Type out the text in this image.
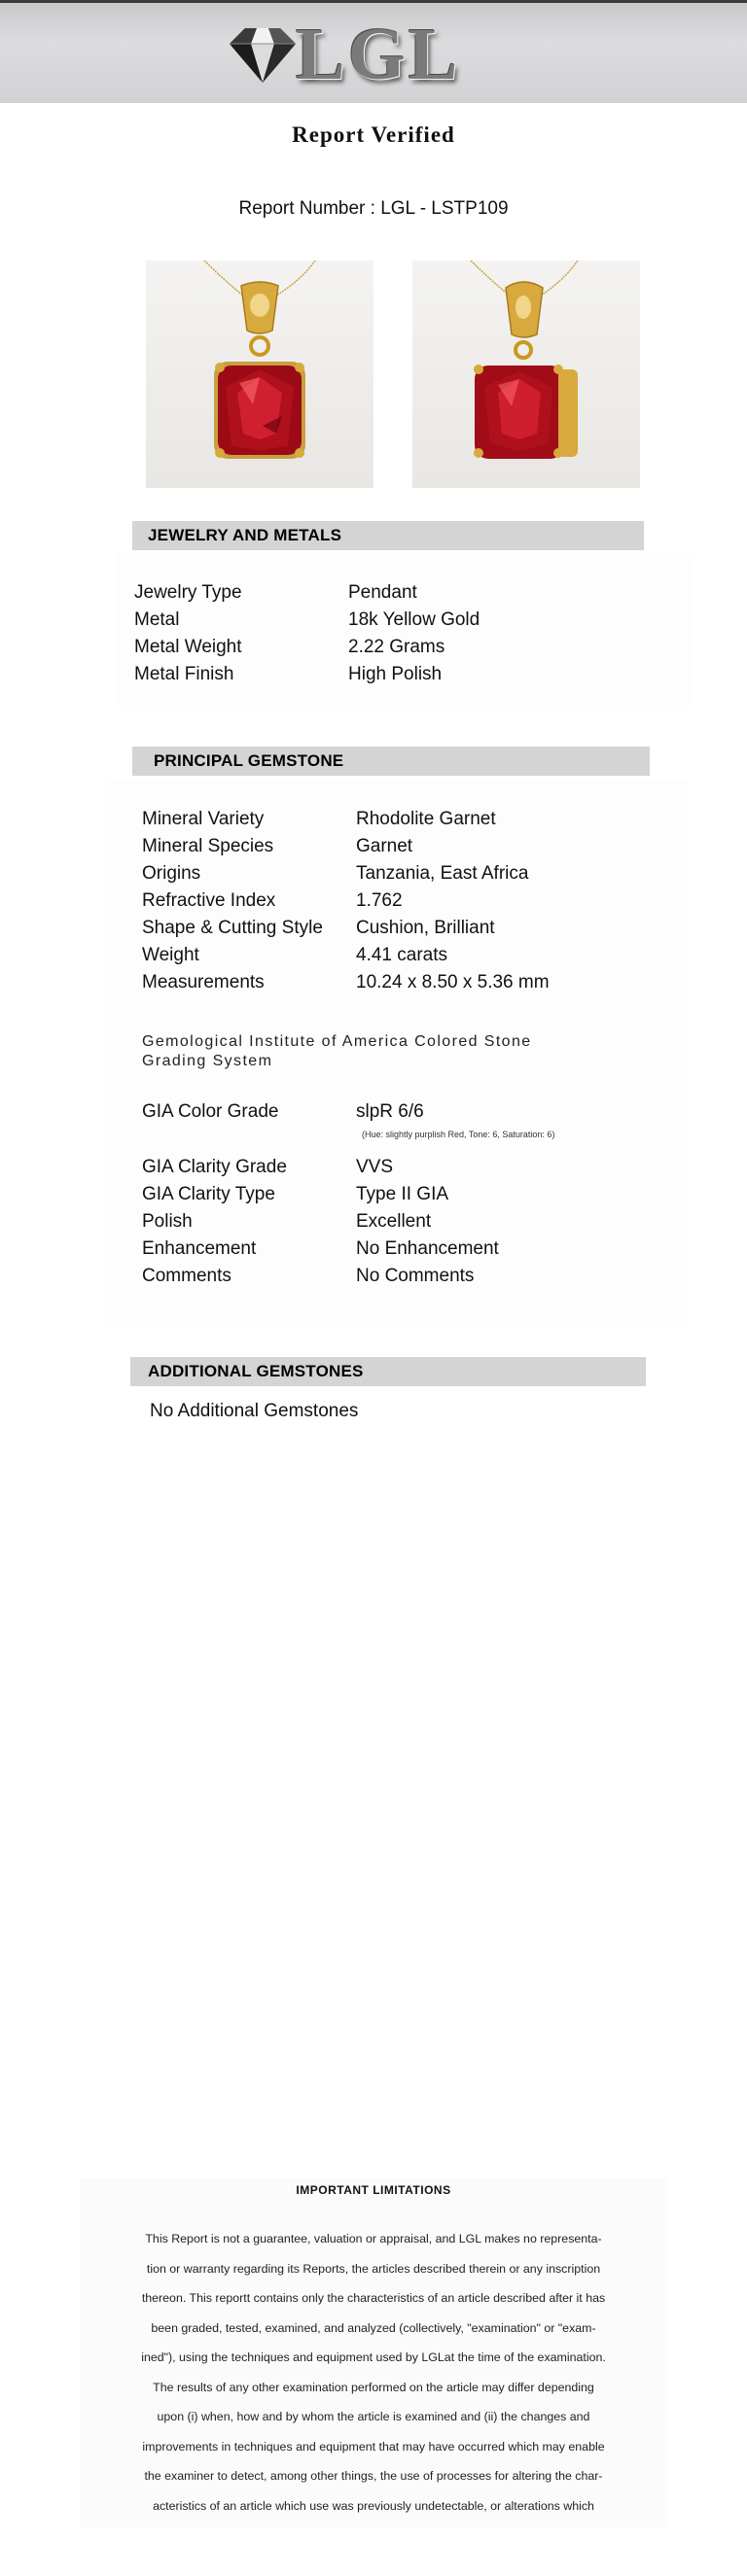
LGL
Report Verified
Report Number : LGL - LSTP109
JEWELRY AND METALS
Jewelry Type	Pendant
Metal	18k Yellow Gold
Metal Weight	2.22 Grams
Metal Finish	High Polish
PRINCIPAL GEMSTONE
Mineral Variety	Rhodolite Garnet
Mineral Species	Garnet
Origins	Tanzania, East Africa
Refractive Index	1.762
Shape & Cutting Style	Cushion, Brilliant
Weight	4.41 carats
Measurements	10.24 x 8.50 x 5.36 mm
Gemological Institute of America Colored Stone Grading System
GIA Color Grade	slpR 6/6
(Hue: slightly purplish Red, Tone: 6, Saturation: 6)
GIA Clarity Grade	VVS
GIA Clarity Type	Type II GIA
Polish	Excellent
Enhancement	No Enhancement
Comments	No Comments
ADDITIONAL GEMSTONES
No Additional Gemstones
IMPORTANT LIMITATIONS
This Report is not a guarantee, valuation or appraisal, and LGL makes no representa-
tion or warranty regarding its Reports, the articles described therein or any inscription
thereon. This reportt contains only the characteristics of an article described after it has
been graded, tested, examined, and analyzed (collectively, "examination" or "exam-
ined"), using the techniques and equipment used by LGLat the time of the examination.
The results of any other examination performed on the article may differ depending
upon (i) when, how and by whom the article is examined and (ii) the changes and
improvements in techniques and equipment that may have occurred which may enable
the examiner to detect, among other things, the use of processes for altering the char-
acteristics of an article which use was previously undetectable, or alterations which
